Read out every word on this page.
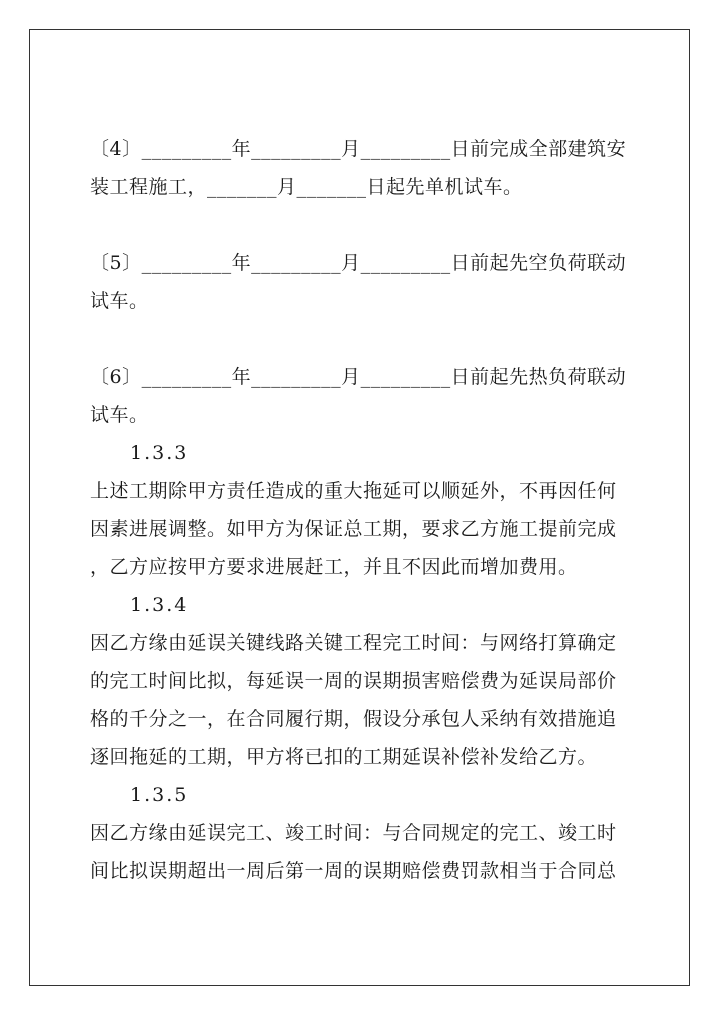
〔4〕_________年_________月_________日前完成全部建筑安
装工程施工，_______月_______日起先单机试车。
〔5〕_________年_________月_________日前起先空负荷联动
试车。
〔6〕_________年_________月_________日前起先热负荷联动
试车。
1.3.3
上述工期除甲方责任造成的重大拖延可以顺延外，不再因任何
因素进展调整。如甲方为保证总工期，要求乙方施工提前完成
，乙方应按甲方要求进展赶工，并且不因此而增加费用。
1.3.4
因乙方缘由延误关键线路关键工程完工时间：与网络打算确定
的完工时间比拟，每延误一周的误期损害赔偿费为延误局部价
格的千分之一，在合同履行期，假设分承包人采纳有效措施追
逐回拖延的工期，甲方将已扣的工期延误补偿补发给乙方。
1.3.5
因乙方缘由延误完工、竣工时间：与合同规定的完工、竣工时
间比拟误期超出一周后第一周的误期赔偿费罚款相当于合同总
